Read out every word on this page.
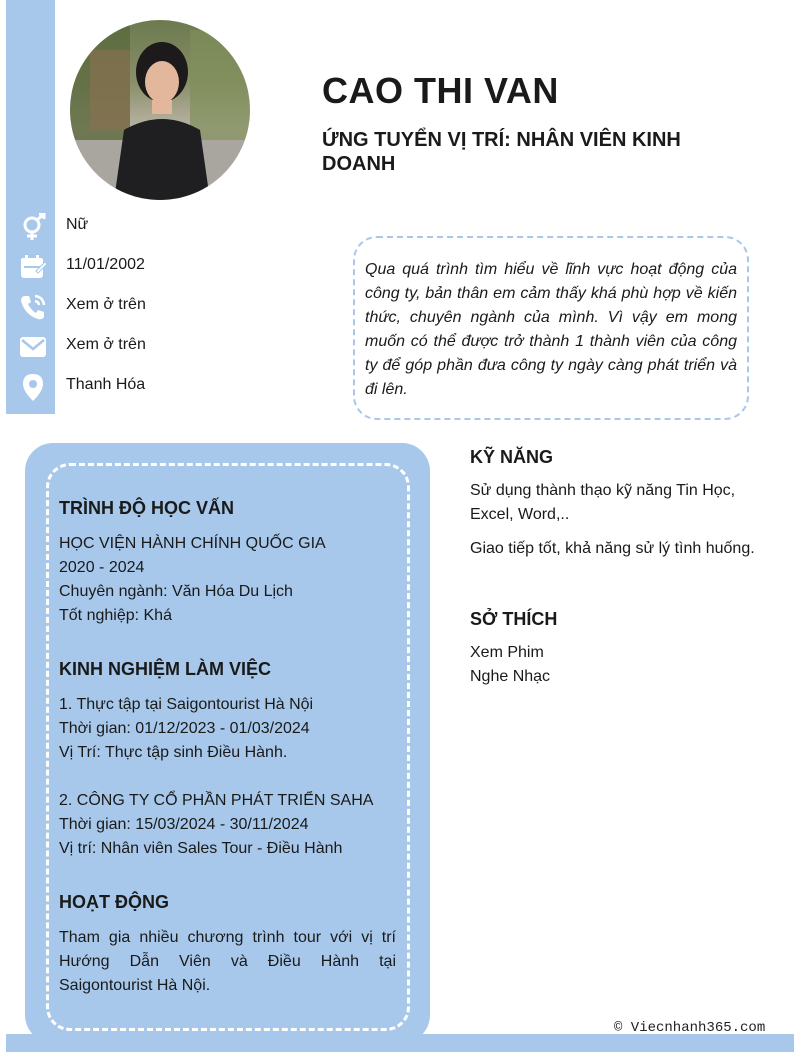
CAO THI VAN
ỨNG TUYỂN VỊ TRÍ: NHÂN VIÊN KINH DOANH
Nữ
11/01/2002
Xem ở trên
Xem ở trên
Thanh Hóa
Qua quá trình tìm hiểu về lĩnh vực hoạt động của công ty, bản thân em cảm thấy khá phù hợp về kiến thức, chuyên ngành của mình. Vì vậy em mong muốn có thể được trở thành 1 thành viên của công ty để góp phần đưa công ty ngày càng phát triển và đi lên.
TRÌNH ĐỘ HỌC VẤN
HỌC VIỆN HÀNH CHÍNH QUỐC GIA
2020 - 2024
Chuyên ngành: Văn Hóa Du Lịch
Tốt nghiệp: Khá
KINH NGHIỆM LÀM VIỆC
1. Thực tập tại Saigontourist Hà Nội
Thời gian: 01/12/2023 - 01/03/2024
Vị Trí: Thực tập sinh Điều Hành.
2. CÔNG TY CỔ PHẦN PHÁT TRIỂN SAHA
Thời gian: 15/03/2024 - 30/11/2024
Vị trí: Nhân viên Sales Tour - Điều Hành
HOẠT ĐỘNG
Tham gia nhiều chương trình tour với vị trí Hướng Dẫn Viên và Điều Hành tại Saigontourist Hà Nội.
KỸ NĂNG
Sử dụng thành thạo kỹ năng Tin Học, Excel, Word,..
Giao tiếp tốt, khả năng sử lý tình huống.
SỞ THÍCH
Xem Phim
Nghe Nhạc
© Viecnhanh365.com
